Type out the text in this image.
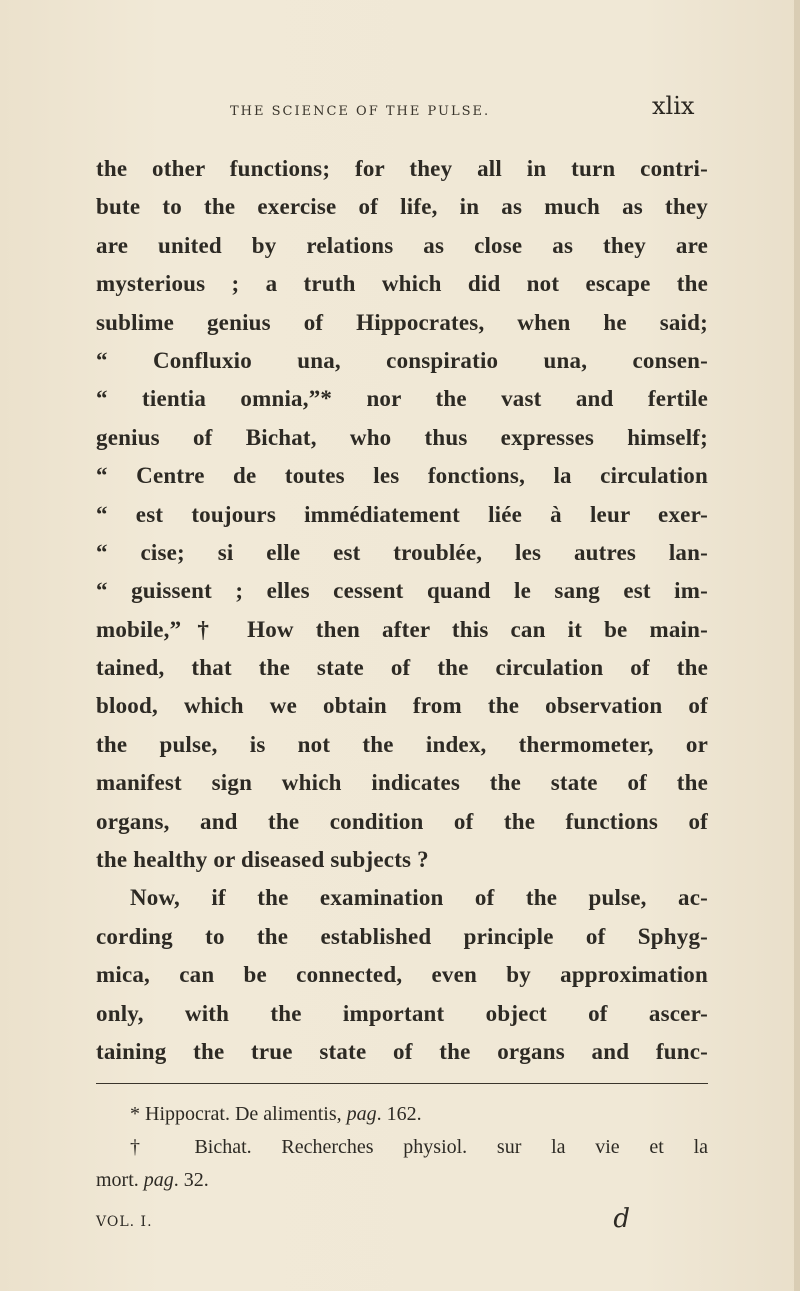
THE SCIENCE OF THE PULSE.	xlix
the other functions; for they all in turn contri-
bute to the exercise of life, in as much as they
are united by relations as close as they are
mysterious ; a truth which did not escape the
sublime genius of Hippocrates, when he said;
“ Confluxio una, conspiratio una, consen-
“ tientia omnia,”* nor the vast and fertile
genius of Bichat, who thus expresses himself;
“ Centre de toutes les fonctions, la circulation
“ est toujours immédiatement liée à leur exer-
“ cise; si elle est troublée, les autres lan-
“ guissent ; elles cessent quand le sang est im-
mobile,”† How then after this can it be main-
tained, that the state of the circulation of the
blood, which we obtain from the observation of
the pulse, is not the index, thermometer, or
manifest sign which indicates the state of the
organs, and the condition of the functions of
the healthy or diseased subjects ?
Now, if the examination of the pulse, ac-
cording to the established principle of Sphyg-
mica, can be connected, even by approximation
only, with the important object of ascer-
taining the true state of the organs and func-
* Hippocrat. De alimentis, pag. 162.
† Bichat. Recherches physiol. sur la vie et la
mort. pag. 32.
VOL. I.	d
